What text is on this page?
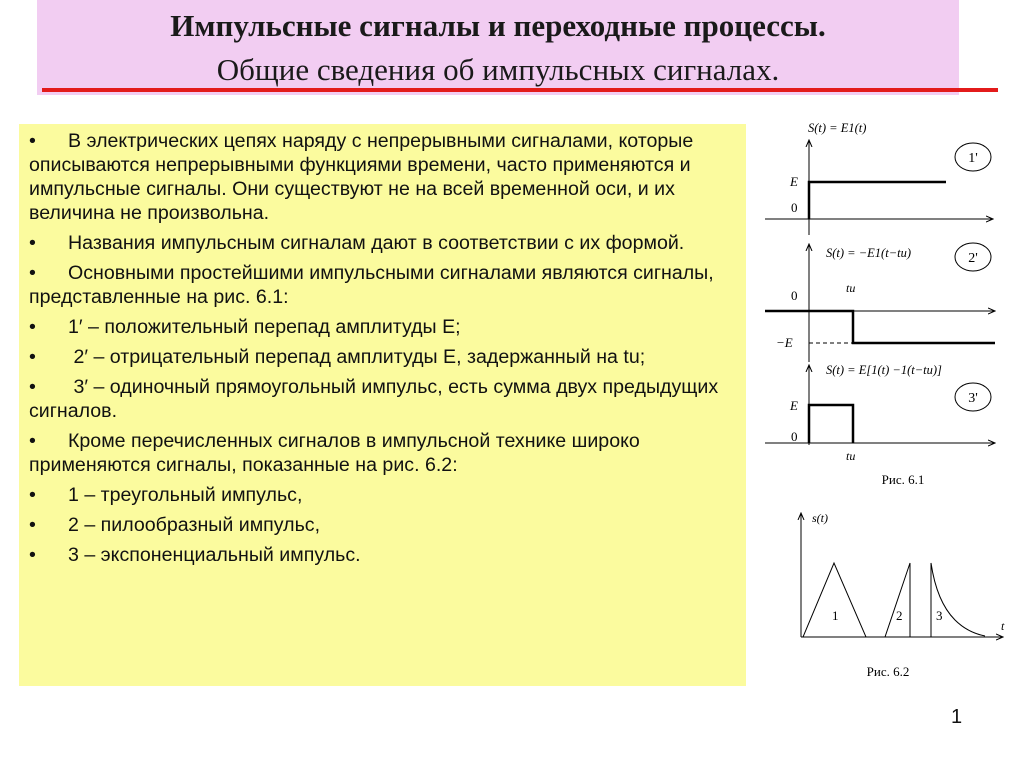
Импульсные сигналы и переходные процессы.
Общие сведения об импульсных сигналах.
• В электрических цепях наряду с непрерывными сигналами, которые описываются непрерывными функциями времени, часто применяются и импульсные сигналы. Они существуют не на всей временной оси, и их величина не произвольна.
• Названия импульсным сигналам дают в соответствии с их формой.
• Основными простейшими импульсными сигналами являются сигналы, представленные на рис. 6.1:
• 1′ – положительный перепад амплитуды E;
• 2′ – отрицательный перепад амплитуды E, задержанный на tu;
• 3′ – одиночный прямоугольный импульс, есть сумма двух предыдущих сигналов.
• Кроме перечисленных сигналов в импульсной технике широко применяются сигналы, показанные на рис. 6.2:
• 1 – треугольный импульс,
• 2 – пилообразный импульс,
• 3 – экспоненциальный импульс.
S(t) = E1(t)
E
0
1'
S(t) = −E1(t−tu)
0	tu
−E
2'
S(t) = E[1(t) −1(t−tu)]
E
0
tu
3'
Рис. 6.1
s(t)
t
1	2	3
Рис. 6.2
1
